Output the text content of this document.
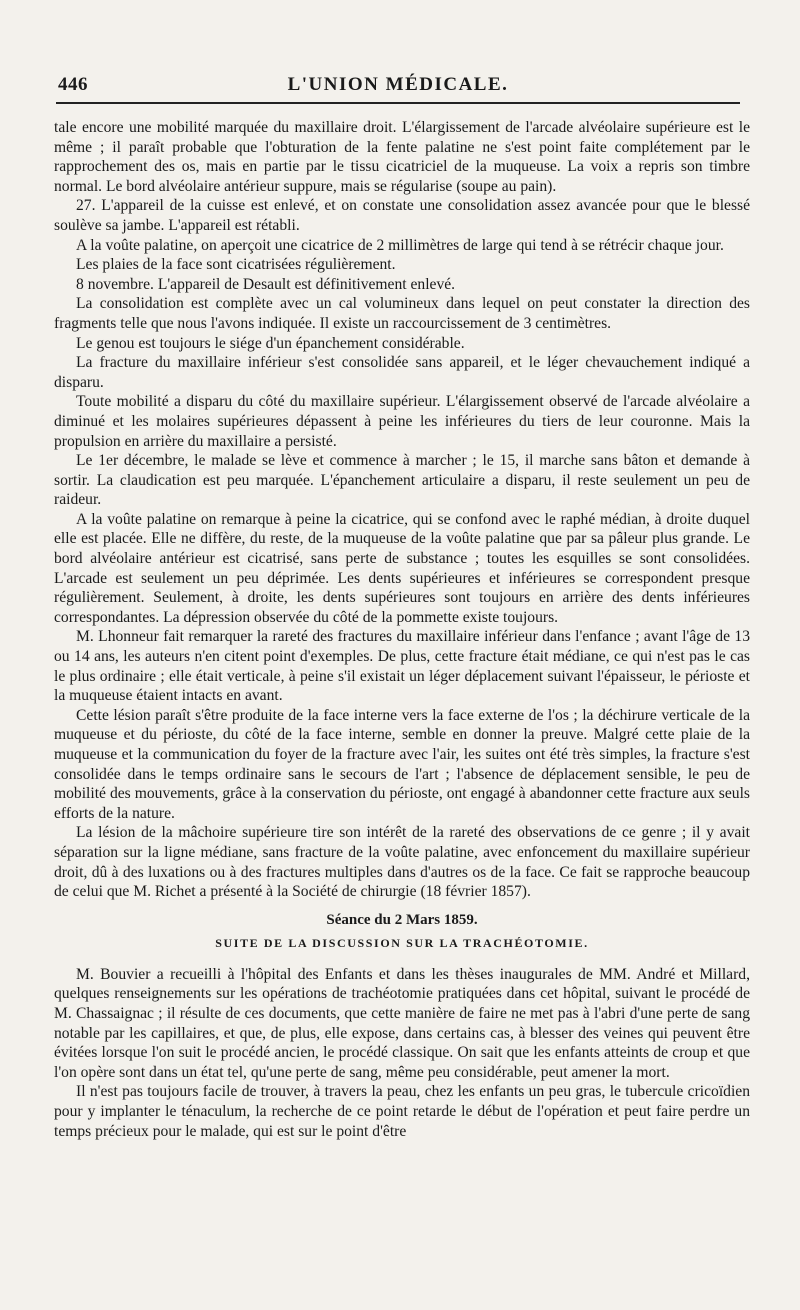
446	L'UNION MÉDICALE.

tale encore une mobilité marquée du maxillaire droit. L'élargissement de l'arcade alvéolaire supérieure est le même ; il paraît probable que l'obturation de la fente palatine ne s'est point faite complétement par le rapprochement des os, mais en partie par le tissu cicatriciel de la muqueuse. La voix a repris son timbre normal. Le bord alvéolaire antérieur suppure, mais se régularise (soupe au pain).

27. L'appareil de la cuisse est enlevé, et on constate une consolidation assez avancée pour que le blessé soulève sa jambe. L'appareil est rétabli.

A la voûte palatine, on aperçoit une cicatrice de 2 millimètres de large qui tend à se rétrécir chaque jour.

Les plaies de la face sont cicatrisées régulièrement.

8 novembre. L'appareil de Desault est définitivement enlevé.

La consolidation est complète avec un cal volumineux dans lequel on peut constater la direction des fragments telle que nous l'avons indiquée. Il existe un raccourcissement de 3 centimètres.

Le genou est toujours le siége d'un épanchement considérable.

La fracture du maxillaire inférieur s'est consolidée sans appareil, et le léger chevauchement indiqué a disparu.

Toute mobilité a disparu du côté du maxillaire supérieur. L'élargissement observé de l'arcade alvéolaire a diminué et les molaires supérieures dépassent à peine les inférieures du tiers de leur couronne. Mais la propulsion en arrière du maxillaire a persisté.

Le 1er décembre, le malade se lève et commence à marcher ; le 15, il marche sans bâton et demande à sortir. La claudication est peu marquée. L'épanchement articulaire a disparu, il reste seulement un peu de raideur.

A la voûte palatine on remarque à peine la cicatrice, qui se confond avec le raphé médian, à droite duquel elle est placée. Elle ne diffère, du reste, de la muqueuse de la voûte palatine que par sa pâleur plus grande. Le bord alvéolaire antérieur est cicatrisé, sans perte de substance ; toutes les esquilles se sont consolidées. L'arcade est seulement un peu déprimée. Les dents supérieures et inférieures se correspondent presque régulièrement. Seulement, à droite, les dents supérieures sont toujours en arrière des dents inférieures correspondantes. La dépression observée du côté de la pommette existe toujours.

M. Lhonneur fait remarquer la rareté des fractures du maxillaire inférieur dans l'enfance ; avant l'âge de 13 ou 14 ans, les auteurs n'en citent point d'exemples. De plus, cette fracture était médiane, ce qui n'est pas le cas le plus ordinaire ; elle était verticale, à peine s'il existait un léger déplacement suivant l'épaisseur, le périoste et la muqueuse étaient intacts en avant.

Cette lésion paraît s'être produite de la face interne vers la face externe de l'os ; la déchirure verticale de la muqueuse et du périoste, du côté de la face interne, semble en donner la preuve. Malgré cette plaie de la muqueuse et la communication du foyer de la fracture avec l'air, les suites ont été très simples, la fracture s'est consolidée dans le temps ordinaire sans le secours de l'art ; l'absence de déplacement sensible, le peu de mobilité des mouvements, grâce à la conservation du périoste, ont engagé à abandonner cette fracture aux seuls efforts de la nature.

La lésion de la mâchoire supérieure tire son intérêt de la rareté des observations de ce genre ; il y avait séparation sur la ligne médiane, sans fracture de la voûte palatine, avec enfoncement du maxillaire supérieur droit, dû à des luxations ou à des fractures multiples dans d'autres os de la face. Ce fait se rapproche beaucoup de celui que M. Richet a présenté à la Société de chirurgie (18 février 1857).

Séance du 2 Mars 1859.
SUITE DE LA DISCUSSION SUR LA TRACHÉOTOMIE.

M. Bouvier a recueilli à l'hôpital des Enfants et dans les thèses inaugurales de MM. André et Millard, quelques renseignements sur les opérations de trachéotomie pratiquées dans cet hôpital, suivant le procédé de M. Chassaignac ; il résulte de ces documents, que cette manière de faire ne met pas à l'abri d'une perte de sang notable par les capillaires, et que, de plus, elle expose, dans certains cas, à blesser des veines qui peuvent être évitées lorsque l'on suit le procédé ancien, le procédé classique. On sait que les enfants atteints de croup et que l'on opère sont dans un état tel, qu'une perte de sang, même peu considérable, peut amener la mort.

Il n'est pas toujours facile de trouver, à travers la peau, chez les enfants un peu gras, le tubercule cricoïdien pour y implanter le ténaculum, la recherche de ce point retarde le début de l'opération et peut faire perdre un temps précieux pour le malade, qui est sur le point d'être
